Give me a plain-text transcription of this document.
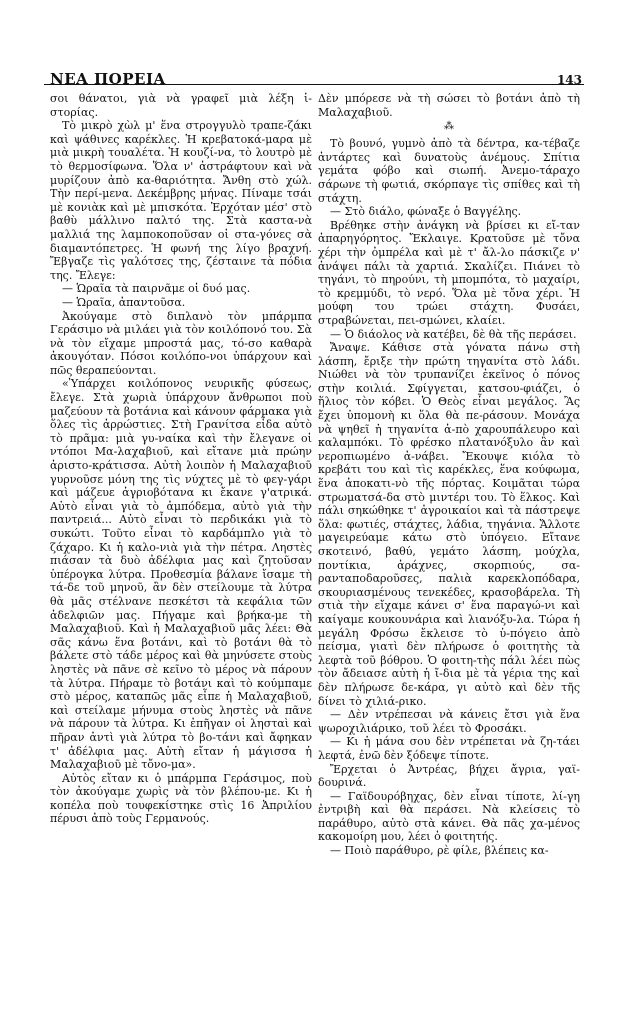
ΝΕΑ ΠΟΡΕΙΑ	143

σοι θάνατοι, γιὰ νὰ γραφεῖ μιὰ λέξη ἱ-στορίας.

Τὸ μικρὸ χὼλ μ' ἕνα στρογγυλὸ τραπε-ζάκι καὶ ψάθινες καρέκλες. Ἡ κρεβατοκά-μαρα μὲ μιὰ μικρὴ τουαλέτα. Ἡ κουζί-να, τὸ λουτρὸ μὲ τὸ θερμοσίφωνα. Ὅλα ν' ἀστράφτουν καὶ νὰ μυρίζουν ἀπὸ κα-θαριότητα. Ἄνθη στὸ χώλ. Τὴν περί-μενα. Δεκέμβρης μήνας. Πίναμε τσάι μὲ κονιὰκ καὶ μὲ μπισκότα. Ἐρχόταν μέσ' στὸ βαθὺ μάλλινο παλτό της. Στὰ καστα-νὰ μαλλιά της λαμποκοποῦσαν οἱ στα-γόνες σὰ διαμαντόπετρες. Ἡ φωνή της λίγο βραχνή. Ἔβγαζε τὶς γαλότσες της, ζέσταινε τὰ πόδια της. Ἔλεγε:

— Ὡραῖα τὰ παιρνᾶμε οἱ δυό μας.

— Ὡραῖα, ἀπαντοῦσα.

Ἀκούγαμε στὸ διπλανὸ τὸν μπάρμπα Γεράσιμο νὰ μιλάει γιὰ τὸν κοιλόπονό του. Σὰ νὰ τὸν εἴχαμε μπροστά μας, τό-σο καθαρὰ ἀκουγόταν. Πόσοι κοιλόπο-νοι ὑπάρχουν καὶ πῶς θεραπεύονται.

«Ὑπάρχει κοιλόπονος νευρικῆς φύσεως, ἔλεγε. Στὰ χωριὰ ὑπάρχουν ἄνθρωποι ποὺ μαζεύουν τὰ βοτάνια καὶ κάνουν φάρμακα γιὰ ὅλες τὶς ἀρρώστιες. Στὴ Γρανίτσα εἶδα αὐτὸ τὸ πρᾶμα: μιὰ γυ-ναίκα καὶ τὴν ἔλεγανε οἱ ντόποι Μα-λαχαβιοῦ, καὶ εἴτανε μιὰ πρώην ἀριστο-κράτισσα. Αὐτὴ λοιπὸν ἡ Μαλαχαβιοῦ γυρνοῦσε μόνη της τὶς νύχτες μὲ τὸ φεγ-γάρι καὶ μάζευε ἀγριοβότανα κι ἔκανε γ'ατρικά. Αὐτὸ εἶναι γιὰ τὸ ἀμπόδεμα, αὐτὸ γιὰ τὴν παντρειά... Αὐτὸ εἶναι τὸ περδικάκι γιὰ τὸ συκώτι. Τοῦτο εἶναι τὸ καρδάμπλο γιὰ τὸ ζάχαρο. Κι ἡ καλο-νιὰ γιὰ τὴν πέτρα. Ληστὲς πιάσαν τὰ δυὸ ἀδέλφια μας καὶ ζητοῦσαν ὑπέρογκα λύτρα. Προθεσμία βάλανε ἴσαμε τὴ τά-δε τοῦ μηνοῦ, ἂν δὲν στείλουμε τὰ λύτρα θὰ μᾶς στέλνανε πεσκέτσι τὰ κεφάλια τῶν ἀδελφιῶν μας. Πήγαμε καὶ βρήκα-με τὴ Μαλαχαβιοῦ. Καὶ ἡ Μαλαχαβιοῦ μᾶς λέει: Θὰ σᾶς κάνω ἕνα βοτάνι, καὶ τὸ βοτάνι θὰ τὸ βάλετε στὸ τάδε μέρος καὶ θὰ μηνύσετε στοὺς ληστὲς νὰ πᾶνε σὲ κεῖνο τὸ μέρος νὰ πάρουν τὰ λύτρα. Πήραμε τὸ βοτάνι καὶ τὸ κούμπαμε στὸ μέρος, καταπῶς μᾶς εἶπε ἡ Μαλαχαβιοῦ, καὶ στείλαμε μήνυμα στοὺς ληστὲς νὰ πᾶνε νὰ πάρουν τὰ λύτρα. Κι ἐπῆγαν οἱ λησταὶ καὶ πῆραν ἀντὶ γιὰ λύτρα τὸ βο-τάνι καὶ ἄφηκαν τ' ἀδέλφια μας. Αὐτὴ εἴταν ἡ μάγισσα ἡ Μαλαχαβιοῦ μὲ τὄνο-μα».

Αὐτὸς εἴταν κι ὁ μπάρμπα Γεράσιμος, ποὺ τὸν ἀκούγαμε χωρὶς νὰ τὸν βλέπου-με. Κι ἡ κοπέλα ποὺ τουφεκίστηκε στὶς 16 Ἀπριλίου πέρυσι ἀπὸ τοὺς Γερμανούς.

Δὲν μπόρεσε νὰ τὴ σώσει τὸ βοτάνι ἀπὸ τὴ Μαλαχαβιοῦ.

⁂

Τὸ βουνό, γυμνὸ ἀπὸ τὰ δέντρα, κα-τέβαζε ἀντάρτες καὶ δυνατοὺς ἀνέμους. Σπίτια γεμάτα φόβο καὶ σιωπή. Ἀνεμο-τάραχο σάρωνε τὴ φωτιά, σκόρπαγε τὶς σπίθες καὶ τὴ στάχτη.

— Στὸ διάλο, φώναξε ὁ Βαγγέλης.

Βρέθηκε στὴν ἀνάγκη νὰ βρίσει κι εἴ-ταν ἀπαρηγόρητος. Ἔκλαιγε. Κρατοῦσε μὲ τὄνα χέρι τὴν ὀμπρέλα καὶ μὲ τ' ἄλ-λο πάσκιζε ν' ἀνάψει πάλι τὰ χαρτιά. Σκαλίζει. Πιάνει τὸ τηγάνι, τὸ πηρούνι, τὴ μπομπότα, τὸ μαχαίρι, τὸ κρεμμύδι, τὸ νερό. Ὅλα μὲ τὄνα χέρι. Ἡ μούφη του τρώει στάχτη. Φυσάει, στραβώνεται, πει-σμώνει, κλαίει.

— Ὁ διάολος νὰ κατέβει, δὲ θὰ τῆς περάσει.

Ἄναψε. Κάθισε στὰ γόνατα πάνω στὴ λάσπη, ἔριξε τὴν πρώτη τηγανίτα στὸ λάδι. Νιώθει νὰ τὸν τρυπανίζει ἐκεῖνος ὁ πόνος στὴν κοιλιά. Σφίγγεται, κατσου-φιάζει, ὁ ἥλιος τὸν κόβει. Ὁ Θεὸς εἶναι μεγάλος. Ἂς ἔχει ὑπομονὴ κι ὅλα θὰ πε-ράσουν. Μονάχα νὰ ψηθεῖ ἡ τηγανίτα ἀ-πὸ χαρουπάλευρο καὶ καλαμπόκι. Τὸ φρέσκο πλατανόξυλο ἂν καὶ νεροπιωμένο ἀ-νάβει. Ἔκουψε κιόλα τὸ κρεβάτι του καὶ τὶς καρέκλες, ἕνα κούφωμα, ἕνα ἀποκατι-νὸ τῆς πόρτας. Κοιμᾶται τώρα στρωματσά-δα στὸ μιντέρι του. Τὸ ἕλκος. Καὶ πάλι σηκώθηκε τ' ἀγροικαίοι καὶ τὰ πάστρεψε ὅλα: φωτιές, στάχτες, λάδια, τηγάνια. Ἄλλοτε μαγειρεύαμε κάτω στὸ ὑπόγειο. Εἴτανε σκοτεινό, βαθύ, γεμάτο λάσπη, μούχλα, ποντίκια, ἀράχνες, σκορπιούς, σα-ρανταποδαροῦσες, παλιὰ καρεκλοπόδαρα, σκουριασμένους τενεκέδες, κρασοβάρελα. Τὴ στιὰ τὴν εἴχαμε κάνει σ' ἕνα παραγώ-νι καὶ καίγαμε κουκουνάρια καὶ λιανόξυ-λα. Τώρα ἡ μεγάλη Φρόσω ἔκλεισε τὸ ὑ-πόγειο ἀπὸ πείσμα, γιατὶ δὲν πλήρωσε ὁ φοιτητὴς τὰ λεφτὰ τοῦ βόθρου. Ὁ φοιτη-τὴς πάλι λέει πὼς τὸν ἄδειασε αὐτὴ ἡ ἴ-δια μὲ τὰ γέρια της καὶ δὲν πλήρωσε δε-κάρα, γι αὐτὸ καὶ δὲν τῆς δίνει τὸ χιλιά-ρικο.

— Δὲν ντρέπεσαι νὰ κάνεις ἔτσι γιὰ ἕνα ψωροχιλιάρικο, τοῦ λέει τὸ Φροσάκι.

— Κι ἡ μάνα σου δὲν ντρέπεται νὰ ζη-τάει λεφτά, ἐνῶ δὲν ξόδεψε τίποτε.

Ἔρχεται ὁ Ἀντρέας, βήχει ἄγρια, γαϊ-δουρινά.

— Γαϊδουρόβηχας, δὲν εἶναι τίποτε, λί-γη ἐντριβὴ καὶ θὰ περάσει. Νὰ κλείσεις τὸ παράθυρο, αὐτὸ στὰ κάνει. Θὰ πᾶς χα-μένος κακομοίρη μου, λέει ὁ φοιτητής.

— Ποιὸ παράθυρο, ρὲ φίλε, βλέπεις κα-
